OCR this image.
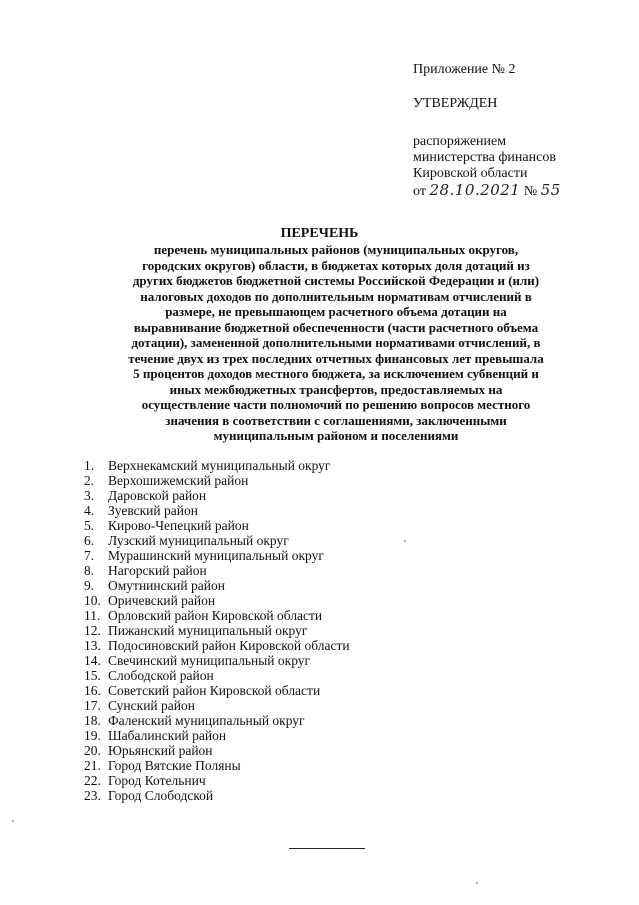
Приложение № 2
УТВЕРЖДЕН
распоряжением
министерства финансов
Кировской области
от 28.10.2021 № 55
ПЕРЕЧЕНЬ
перечень муниципальных районов (муниципальных округов,
городских округов) области, в бюджетах которых доля дотаций из
других бюджетов бюджетной системы Российской Федерации и (или)
налоговых доходов по дополнительным нормативам отчислений в
размере, не превышающем расчетного объема дотации на
выравнивание бюджетной обеспеченности (части расчетного объема
дотации), замененной дополнительными нормативами отчислений, в
течение двух из трех последних отчетных финансовых лет превышала
5 процентов доходов местного бюджета, за исключением субвенций и
иных межбюджетных трансфертов, предоставляемых на
осуществление части полномочий по решению вопросов местного
значения в соответствии с соглашениями, заключенными
муниципальным районом и поселениями
1.	Верхнекамский муниципальный округ
2.	Верхошижемский район
3.	Даровской район
4.	Зуевский район
5.	Кирово-Чепецкий район
6.	Лузский муниципальный округ
7.	Мурашинский муниципальный округ
8.	Нагорский район
9.	Омутнинский район
10. Оричевский район
11. Орловский район Кировской области
12. Пижанский муниципальный округ
13. Подосиновский район Кировской области
14. Свечинский муниципальный округ
15. Слободской район
16. Советский район Кировской области
17. Сунский район
18. Фаленский муниципальный округ
19. Шабалинский район
20. Юрьянский район
21. Город Вятские Поляны
22. Город Котельнич
23. Город Слободской
